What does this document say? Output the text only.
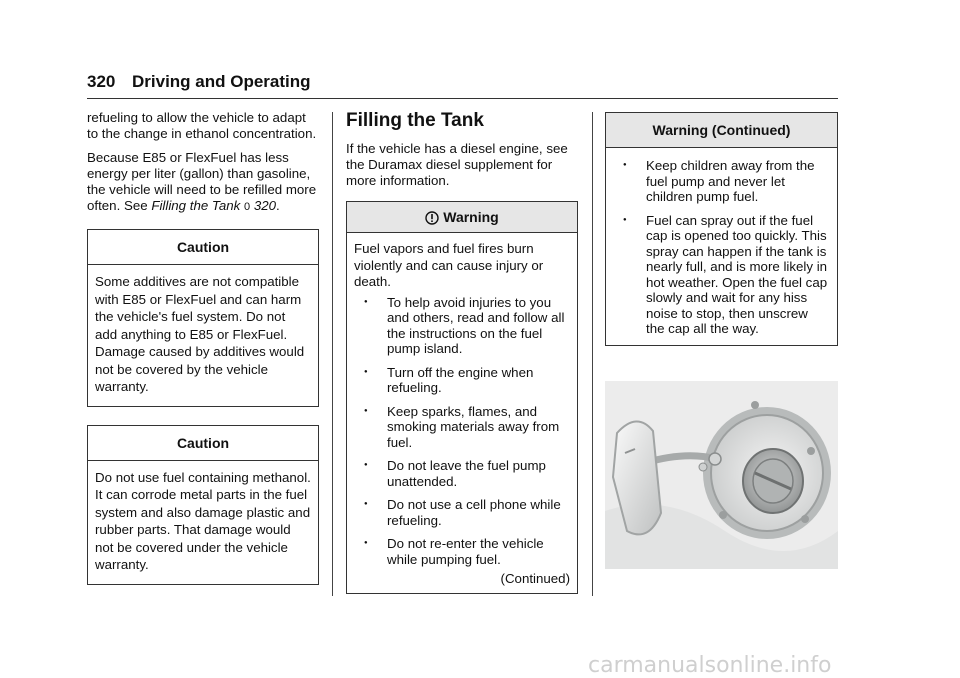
320 Driving and Operating

refueling to allow the vehicle to adapt to the change in ethanol concentration.

Because E85 or FlexFuel has less energy per liter (gallon) than gasoline, the vehicle will need to be refilled more often. See Filling the Tank 0 320.

Caution

Some additives are not compatible with E85 or FlexFuel and can harm the vehicle's fuel system. Do not add anything to E85 or FlexFuel. Damage caused by additives would not be covered by the vehicle warranty.

Caution

Do not use fuel containing methanol. It can corrode metal parts in the fuel system and also damage plastic and rubber parts. That damage would not be covered under the vehicle warranty.

Filling the Tank

If the vehicle has a diesel engine, see the Duramax diesel supplement for more information.

Warning

Fuel vapors and fuel fires burn violently and can cause injury or death.

● To help avoid injuries to you and others, read and follow all the instructions on the fuel pump island.
● Turn off the engine when refueling.
● Keep sparks, flames, and smoking materials away from fuel.
● Do not leave the fuel pump unattended.
● Do not use a cell phone while refueling.
● Do not re-enter the vehicle while pumping fuel.
(Continued)
Warning (Continued)
● Keep children away from the fuel pump and never let children pump fuel.
● Fuel can spray out if the fuel cap is opened too quickly. This spray can happen if the tank is nearly full, and is more likely in hot weather. Open the fuel cap slowly and wait for any hiss noise to stop, then unscrew the cap all the way.
carmanualsonline.info
